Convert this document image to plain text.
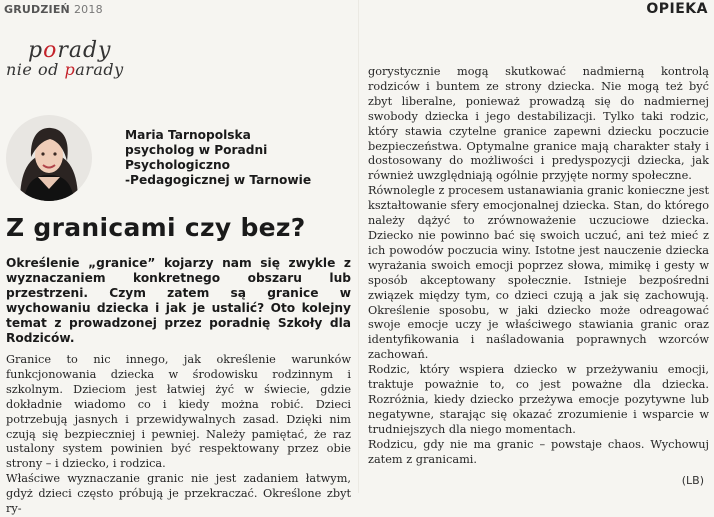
GRUDZIEŃ 2018	OPIEKA
porady
nie od parady
Maria Tarnopolska
psycholog w Poradni Psychologiczno
-Pedagogicznej w Tarnowie
Z granicami czy bez?
Określenie „granice” kojarzy nam się zwykle z wyznaczaniem konkretnego obszaru lub przestrzeni. Czym zatem są granice w wychowaniu dziecka i jak je ustalić? Oto kolejny temat z prowadzonej przez poradnię Szkoły dla Rodziców.

Granice to nic innego, jak określenie warunków funkcjonowania dziecka w środowisku rodzinnym i szkolnym. Dzieciom jest łatwiej żyć w świecie, gdzie dokładnie wiadomo co i kiedy można robić. Dzieci potrzebują jasnych i przewidywalnych zasad. Dzięki nim czują się bezpieczniej i pewniej. Należy pamiętać, że raz ustalony system powinien być respektowany przez obie strony – i dziecko, i rodzica.

Właściwe wyznaczanie granic nie jest zadaniem łatwym, gdyż dzieci często próbują je przekraczać. Określone zbyt ry-

gorystycznie mogą skutkować nadmierną kontrolą rodziców i buntem ze strony dziecka. Nie mogą też być zbyt liberalne, ponieważ prowadzą się do nadmiernej swobody dziecka i jego destabilizacji. Tylko taki rodzic, który stawia czytelne granice zapewni dziecku poczucie bezpieczeństwa. Optymalne granice mają charakter stały i dostosowany do możliwości i predyspozycji dziecka, jak również uwzględniają ogólnie przyjęte normy społeczne.

Równolegle z procesem ustanawiania granic konieczne jest kształtowanie sfery emocjonalnej dziecka. Stan, do którego należy dążyć to zrównoważenie uczuciowe dziecka. Dziecko nie powinno bać się swoich uczuć, ani też mieć z ich powodów poczucia winy. Istotne jest nauczenie dziecka wyrażania swoich emocji poprzez słowa, mimikę i gesty w sposób akceptowany społecznie. Istnieje bezpośredni związek między tym, co dzieci czują a jak się zachowują. Określenie sposobu, w jaki dziecko może odreagować swoje emocje uczy je właściwego stawiania granic oraz identyfikowania i naśladowania poprawnych wzorców zachowań.

Rodzic, który wspiera dziecko w przeżywaniu emocji, traktuje poważnie to, co jest poważne dla dziecka. Rozróżnia, kiedy dziecko przeżywa emocje pozytywne lub negatywne, starając się okazać zrozumienie i wsparcie w trudniejszych dla niego momentach.

Rodzicu, gdy nie ma granic – powstaje chaos. Wychowuj zatem z granicami.

(LB)
